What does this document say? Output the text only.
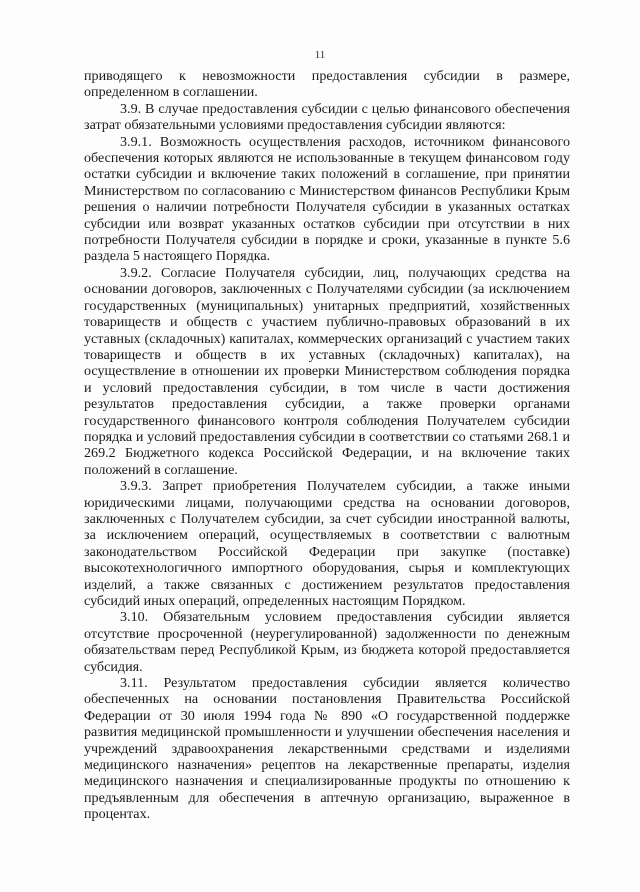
11

приводящего к невозможности предоставления субсидии в размере, определенном в соглашении.

3.9. В случае предоставления субсидии с целью финансового обеспечения затрат обязательными условиями предоставления субсидии являются:

3.9.1. Возможность осуществления расходов, источником финансового обеспечения которых являются не использованные в текущем финансовом году остатки субсидии и включение таких положений в соглашение, при принятии Министерством по согласованию с Министерством финансов Республики Крым решения о наличии потребности Получателя субсидии в указанных остатках субсидии или возврат указанных остатков субсидии при отсутствии в них потребности Получателя субсидии в порядке и сроки, указанные в пункте 5.6 раздела 5 настоящего Порядка.

3.9.2. Согласие Получателя субсидии, лиц, получающих средства на основании договоров, заключенных с Получателями субсидии (за исключением государственных (муниципальных) унитарных предприятий, хозяйственных товариществ и обществ с участием публично-правовых образований в их уставных (складочных) капиталах, коммерческих организаций с участием таких товариществ и обществ в их уставных (складочных) капиталах), на осуществление в отношении их проверки Министерством соблюдения порядка и условий предоставления субсидии, в том числе в части достижения результатов предоставления субсидии, а также проверки органами государственного финансового контроля соблюдения Получателем субсидии порядка и условий предоставления субсидии в соответствии со статьями 268.1 и 269.2 Бюджетного кодекса Российской Федерации, и на включение таких положений в соглашение.

3.9.3. Запрет приобретения Получателем субсидии, а также иными юридическими лицами, получающими средства на основании договоров, заключенных с Получателем субсидии, за счет субсидии иностранной валюты, за исключением операций, осуществляемых в соответствии с валютным законодательством Российской Федерации при закупке (поставке) высокотехнологичного импортного оборудования, сырья и комплектующих изделий, а также связанных с достижением результатов предоставления субсидий иных операций, определенных настоящим Порядком.

3.10. Обязательным условием предоставления субсидии является отсутствие просроченной (неурегулированной) задолженности по денежным обязательствам перед Республикой Крым, из бюджета которой предоставляется субсидия.

3.11. Результатом предоставления субсидии является количество обеспеченных на основании постановления Правительства Российской Федерации от 30 июля 1994 года № 890 «О государственной поддержке развития медицинской промышленности и улучшении обеспечения населения и учреждений здравоохранения лекарственными средствами и изделиями медицинского назначения» рецептов на лекарственные препараты, изделия медицинского назначения и специализированные продукты по отношению к предъявленным для обеспечения в аптечную организацию, выраженное в процентах.
